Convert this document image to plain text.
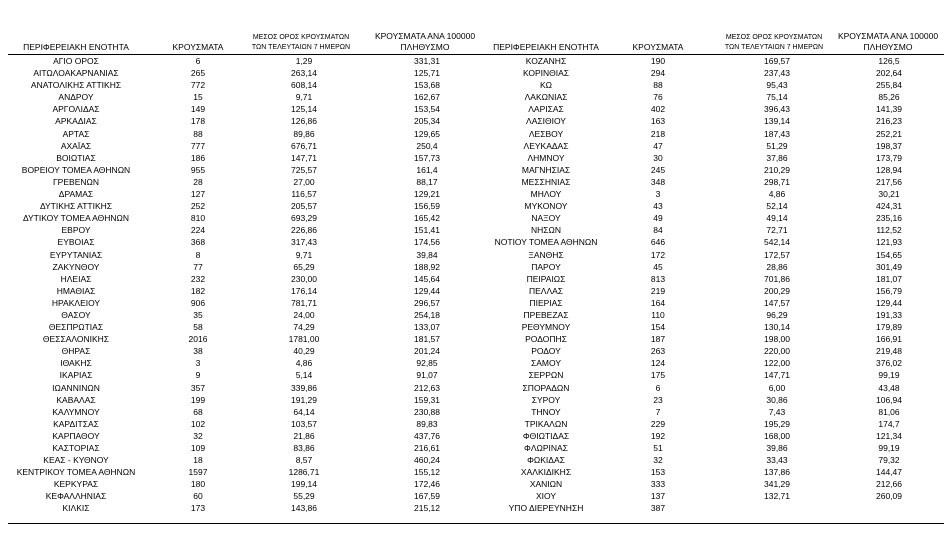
ΠΕΡΙΦΕΡΕΙΑΚΗ ΕΝΟΤΗΤΑ	ΚΡΟΥΣΜΑΤΑ
ΜΕΣΟΣ ΟΡΟΣ ΚΡΟΥΣΜΑΤΩΝ
ΤΩΝ ΤΕΛΕΥΤΑΙΩΝ 7 ΗΜΕΡΩΝ
ΚΡΟΥΣΜΑΤΑ ΑΝΑ 100000
ΠΛΗΘΥΣΜΟ	ΠΕΡΙΦΕΡΕΙΑΚΗ ΕΝΟΤΗΤΑ	ΚΡΟΥΣΜΑΤΑ
ΜΕΣΟΣ ΟΡΟΣ ΚΡΟΥΣΜΑΤΩΝ
ΤΩΝ ΤΕΛΕΥΤΑΙΩΝ 7 ΗΜΕΡΩΝ
ΚΡΟΥΣΜΑΤΑ ΑΝΑ 100000
ΠΛΗΘΥΣΜΟ
ΑΓΙΟ ΟΡΟΣ	6	1,29	331,31	ΚΟΖΑΝΗΣ	190	169,57	126,5
ΑΙΤΩΛΟΑΚΑΡΝΑΝΙΑΣ	265	263,14	125,71	ΚΟΡΙΝΘΙΑΣ	294	237,43	202,64
ΑΝΑΤΟΛΙΚΗΣ ΑΤΤΙΚΗΣ	772	608,14	153,68	ΚΩ	88	95,43	255,84
ΑΝΔΡΟΥ	15	9,71	162,67	ΛΑΚΩΝΙΑΣ	76	75,14	85,26
ΑΡΓΟΛΙΔΑΣ	149	125,14	153,54	ΛΑΡΙΣΑΣ	402	396,43	141,39
ΑΡΚΑΔΙΑΣ	178	126,86	205,34	ΛΑΣΙΘΙΟΥ	163	139,14	216,23
ΑΡΤΑΣ	88	89,86	129,65	ΛΕΣΒΟΥ	218	187,43	252,21
ΑΧΑΪΑΣ	777	676,71	250,4	ΛΕΥΚΑΔΑΣ	47	51,29	198,37
ΒΟΙΩΤΙΑΣ	186	147,71	157,73	ΛΗΜΝΟΥ	30	37,86	173,79
ΒΟΡΕΙΟΥ ΤΟΜΕΑ ΑΘΗΝΩΝ	955	725,57	161,4	ΜΑΓΝΗΣΙΑΣ	245	210,29	128,94
ΓΡΕΒΕΝΩΝ	28	27,00	88,17	ΜΕΣΣΗΝΙΑΣ	348	298,71	217,56
ΔΡΑΜΑΣ	127	116,57	129,21	ΜΗΛΟΥ	3	4,86	30,21
ΔΥΤΙΚΗΣ ΑΤΤΙΚΗΣ	252	205,57	156,59	ΜΥΚΟΝΟΥ	43	52,14	424,31
ΔΥΤΙΚΟΥ ΤΟΜΕΑ ΑΘΗΝΩΝ	810	693,29	165,42	ΝΑΞΟΥ	49	49,14	235,16
ΕΒΡΟΥ	224	226,86	151,41	ΝΗΣΩΝ	84	72,71	112,52
ΕΥΒΟΙΑΣ	368	317,43	174,56	ΝΟΤΙΟΥ ΤΟΜΕΑ ΑΘΗΝΩΝ	646	542,14	121,93
ΕΥΡΥΤΑΝΙΑΣ	8	9,71	39,84	ΞΑΝΘΗΣ	172	172,57	154,65
ΖΑΚΥΝΘΟΥ	77	65,29	188,92	ΠΑΡΟΥ	45	28,86	301,49
ΗΛΕΙΑΣ	232	230,00	145,64	ΠΕΙΡΑΙΩΣ	813	701,86	181,07
ΗΜΑΘΙΑΣ	182	176,14	129,44	ΠΕΛΛΑΣ	219	200,29	156,79
ΗΡΑΚΛΕΙΟΥ	906	781,71	296,57	ΠΙΕΡΙΑΣ	164	147,57	129,44
ΘΑΣΟΥ	35	24,00	254,18	ΠΡΕΒΕΖΑΣ	110	96,29	191,33
ΘΕΣΠΡΩΤΙΑΣ	58	74,29	133,07	ΡΕΘΥΜΝΟΥ	154	130,14	179,89
ΘΕΣΣΑΛΟΝΙΚΗΣ	2016	1781,00	181,57	ΡΟΔΟΠΗΣ	187	198,00	166,91
ΘΗΡΑΣ	38	40,29	201,24	ΡΟΔΟΥ	263	220,00	219,48
ΙΘΑΚΗΣ	3	4,86	92,85	ΣΑΜΟΥ	124	122,00	376,02
ΙΚΑΡΙΑΣ	9	5,14	91,07	ΣΕΡΡΩΝ	175	147,71	99,19
ΙΩΑΝΝΙΝΩΝ	357	339,86	212,63	ΣΠΟΡΑΔΩΝ	6	6,00	43,48
ΚΑΒΑΛΑΣ	199	191,29	159,31	ΣΥΡΟΥ	23	30,86	106,94
ΚΑΛΥΜΝΟΥ	68	64,14	230,88	ΤΗΝΟΥ	7	7,43	81,06
ΚΑΡΔΙΤΣΑΣ	102	103,57	89,83	ΤΡΙΚΑΛΩΝ	229	195,29	174,7
ΚΑΡΠΑΘΟΥ	32	21,86	437,76	ΦΘΙΩΤΙΔΑΣ	192	168,00	121,34
ΚΑΣΤΟΡΙΑΣ	109	83,86	216,61	ΦΛΩΡΙΝΑΣ	51	39,86	99,19
ΚΕΑΣ - ΚΥΘΝΟΥ	18	8,57	460,24	ΦΩΚΙΔΑΣ	32	33,43	79,32
ΚΕΝΤΡΙΚΟΥ ΤΟΜΕΑ ΑΘΗΝΩΝ	1597	1286,71	155,12	ΧΑΛΚΙΔΙΚΗΣ	153	137,86	144,47
ΚΕΡΚΥΡΑΣ	180	199,14	172,46	ΧΑΝΙΩΝ	333	341,29	212,66
ΚΕΦΑΛΛΗΝΙΑΣ	60	55,29	167,59	ΧΙΟΥ	137	132,71	260,09
ΚΙΛΚΙΣ	173	143,86	215,12	ΥΠΟ ΔΙΕΡΕΥΝΗΣΗ	387
